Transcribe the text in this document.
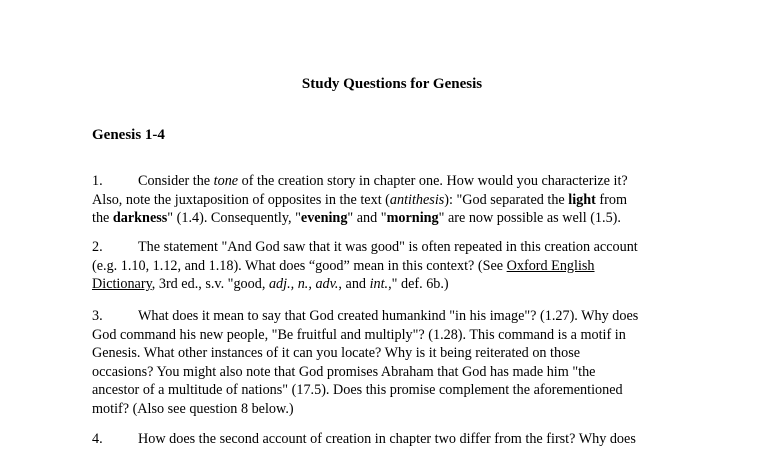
Study Questions for Genesis
Genesis 1-4
1. Consider the tone of the creation story in chapter one. How would you characterize it?
Also, note the juxtaposition of opposites in the text (antithesis): "God separated the light from
the darkness" (1.4). Consequently, "evening" and "morning" are now possible as well (1.5).
2. The statement "And God saw that it was good" is often repeated in this creation account
(e.g. 1.10, 1.12, and 1.18). What does “good” mean in this context? (See Oxford English
Dictionary, 3rd ed., s.v. "good, adj., n., adv., and int.," def. 6b.)
3. What does it mean to say that God created humankind "in his image"? (1.27). Why does
God command his new people, "Be fruitful and multiply"? (1.28). This command is a motif in
Genesis. What other instances of it can you locate? Why is it being reiterated on those
occasions? You might also note that God promises Abraham that God has made him "the
ancestor of a multitude of nations" (17.5). Does this promise complement the aforementioned
motif? (Also see question 8 below.)
4. How does the second account of creation in chapter two differ from the first? Why does
